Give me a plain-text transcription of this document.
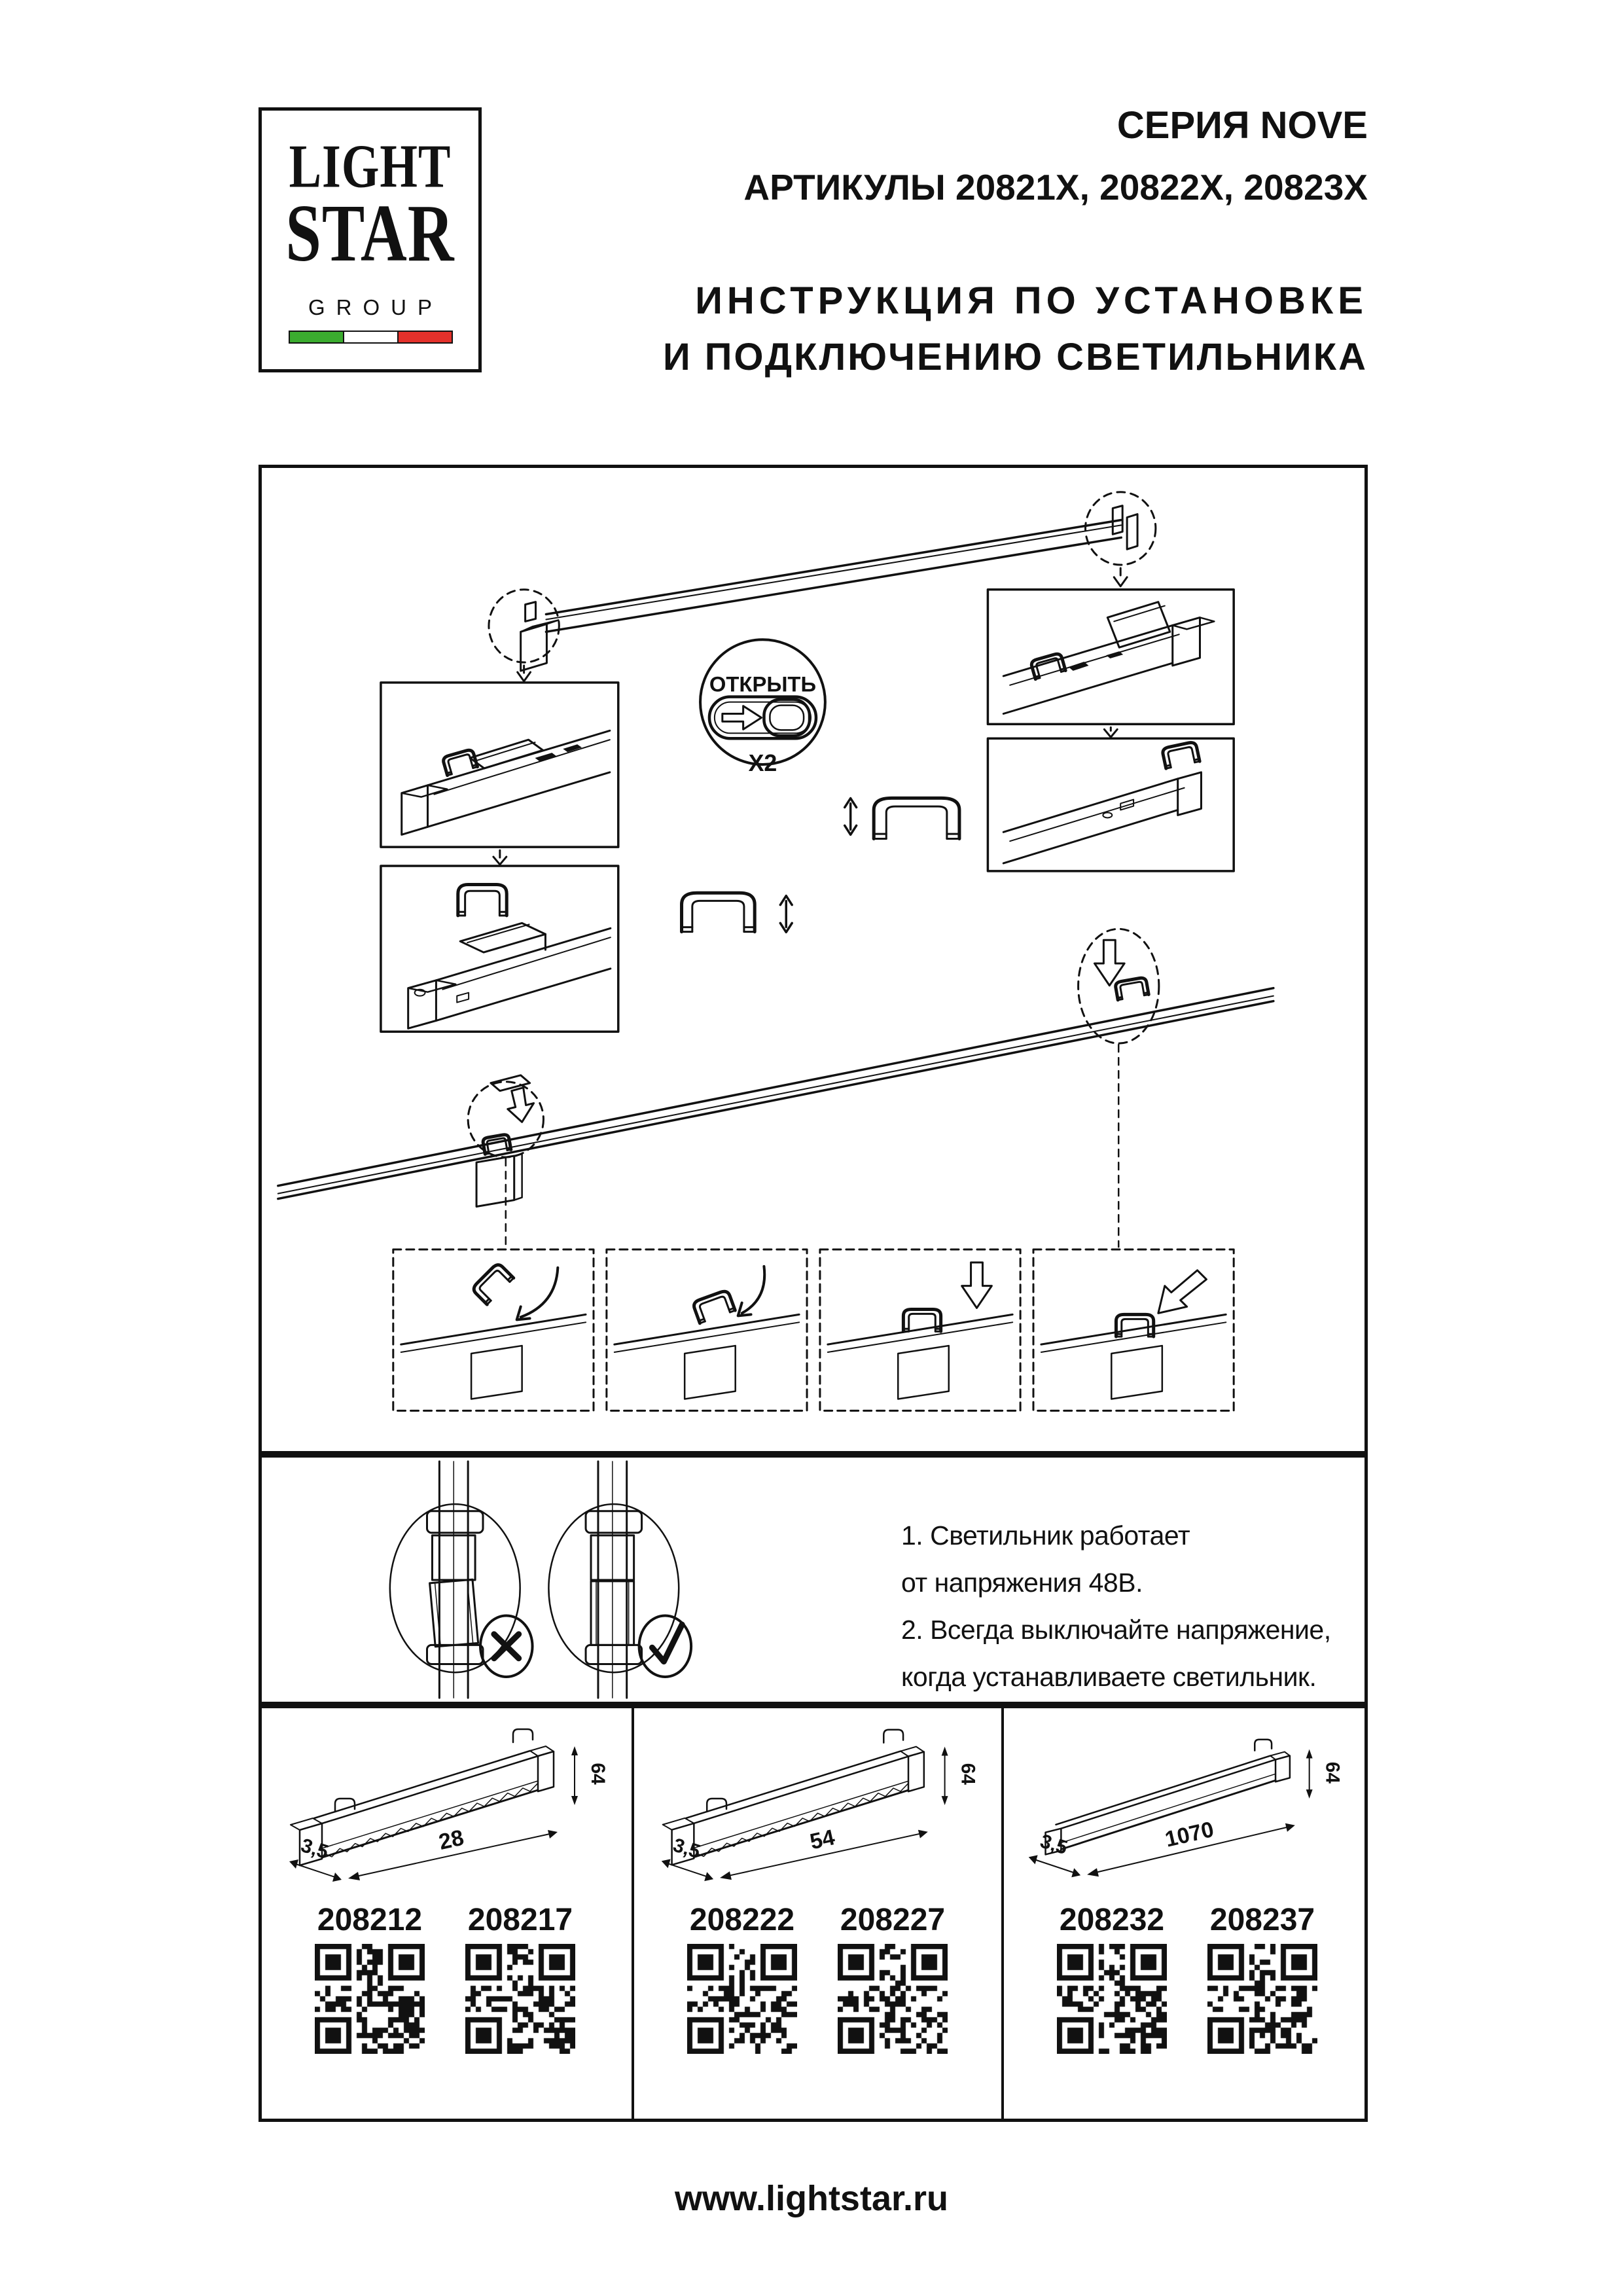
LIGHT
STAR
GROUP
СЕРИЯ NOVE
АРТИКУЛЫ 20821X, 20822X, 20823X
ИНСТРУКЦИЯ ПО УСТАНОВКЕ
И ПОДКЛЮЧЕНИЮ СВЕТИЛЬНИКА
ОТКРЫТЬ
X2
1. Светильник работает
от напряжения 48В.
2. Всегда выключайте напряжение,
когда устанавливаете светильник.
64
28
3,5
208212	208217
64
54
3,5
208222	208227
64
1070
3,5
208232	208237
www.lightstar.ru
